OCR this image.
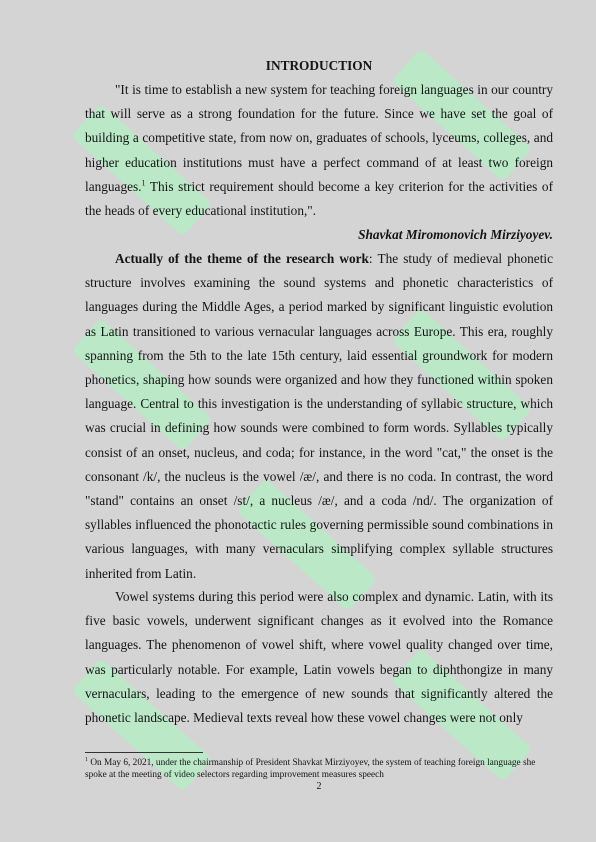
INTRODUCTION
"It is time to establish a new system for teaching foreign languages in our country that will serve as a strong foundation for the future. Since we have set the goal of building a competitive state, from now on, graduates of schools, lyceums, colleges, and higher education institutions must have a perfect command of at least two foreign languages.$^1$ This strict requirement should become a key criterion for the activities of the heads of every educational institution,".
Shavkat Miromonovich Mirziyoyev.
Actually of the theme of the research work: The study of medieval phonetic structure involves examining the sound systems and phonetic characteristics of languages during the Middle Ages, a period marked by significant linguistic evolution as Latin transitioned to various vernacular languages across Europe. This era, roughly spanning from the 5th to the late 15th century, laid essential groundwork for modern phonetics, shaping how sounds were organized and how they functioned within spoken language. Central to this investigation is the understanding of syllabic structure, which was crucial in defining how sounds were combined to form words. Syllables typically consist of an onset, nucleus, and coda; for instance, in the word "cat," the onset is the consonant /k/, the nucleus is the vowel /æ/, and there is no coda. In contrast, the word "stand" contains an onset /st/, a nucleus /æ/, and a coda /nd/. The organization of syllables influenced the phonotactic rules governing permissible sound combinations in various languages, with many vernaculars simplifying complex syllable structures inherited from Latin.
Vowel systems during this period were also complex and dynamic. Latin, with its five basic vowels, underwent significant changes as it evolved into the Romance languages. The phenomenon of vowel shift, where vowel quality changed over time, was particularly notable. For example, Latin vowels began to diphthongize in many vernaculars, leading to the emergence of new sounds that significantly altered the phonetic landscape. Medieval texts reveal how these vowel changes were not only
$^1$ On May 6, 2021, under the chairmanship of President Shavkat Mirziyoyev, the system of teaching foreign language she spoke at the meeting of video selectors regarding improvement measures speech
2
